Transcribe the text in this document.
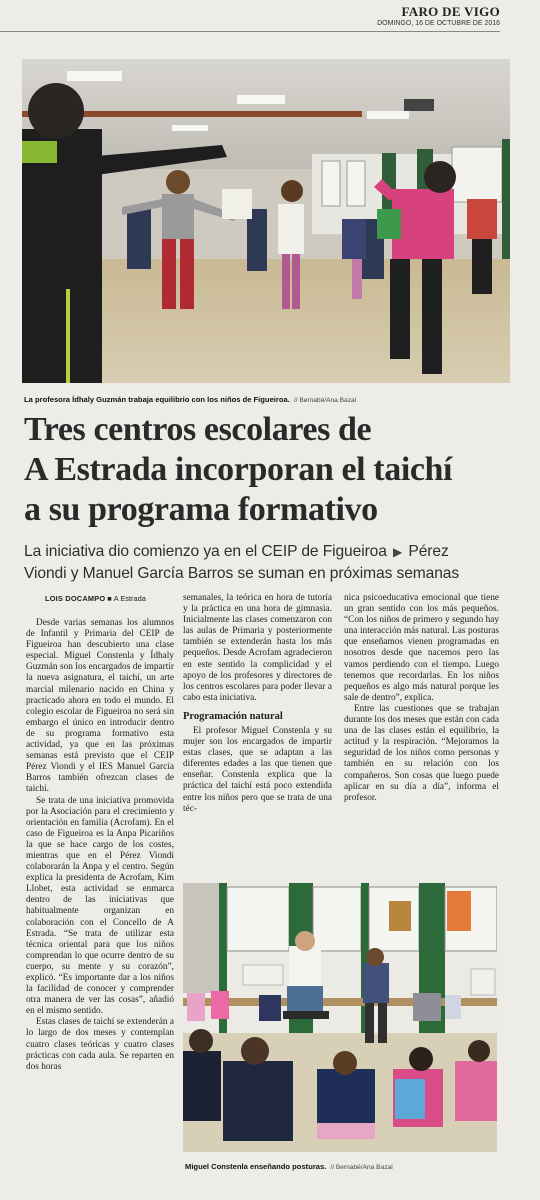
FARO DE VIGO
DOMINGO, 16 DE OCTUBRE DE 2016
La profesora Ídhaly Guzmán trabaja equilibrio con los niños de Figueiroa. // Bernabé/Ana Bazal
Tres centros escolares de
A Estrada incorporan el taichí
a su programa formativo
La iniciativa dio comienzo ya en el CEIP de Figueiroa ▶ Pérez
Viondi y Manuel García Barros se suman en próximas semanas
LOIS DOCAMPO ■ A Estrada

Desde varias semanas los alumnos de Infantil y Primaria del CEIP de Figueiroa han descubierto una clase especial. Miguel Constenla y Ídhaly Guzmán son los encargados de impartir la nueva asignatura, el taichí, un arte marcial milenario nacido en China y practicado ahora en todo el mundo. El colegio escolar de Figueiroa no será sin embargo el único en introducir dentro de su programa formativo esta actividad, ya que en las próximas semanas está previsto que el CEIP Pérez Viondi y el IES Manuel García Barros también ofrezcan clases de taichí.

Se trata de una iniciativa promovida por la Asociación para el crecimiento y orientación en familia (Acrofam). En el caso de Figueiroa es la Anpa Picariños la que se hace cargo de los costes, mientras que en el Pérez Viondi colaborarán la Anpa y el centro. Según explica la presidenta de Acrofam, Kim Llobet, esta actividad se enmarca dentro de las iniciativas que habitualmente organizan en colaboración con el Concello de A Estrada. “Se trata de utilizar esta técnica oriental para que los niños comprendan lo que ocurre dentro de su cuerpo, su mente y su corazón”, explicó. “Es importante dar a los niños la facilidad de conocer y comprender otra manera de ver las cosas”, añadió en el mismo sentido.

Estas clases de taichí se extenderán a lo largo de dos meses y contemplan cuatro clases teóricas y cuatro clases prácticas con cada aula. Se reparten en dos horas

semanales, la teórica en hora de tutoría y la práctica en una hora de gimnasia. Inicialmente las clases comenzaron con las aulas de Primaria y posteriormente también se extenderán hasta los más pequeños. Desde Acrofam agradecieron en este sentido la complicidad y el apoyo de los profesores y directores de los centros escolares para poder llevar a cabo esta iniciativa.

Programación natural

El profesor Miguel Constenla y su mujer son los encargados de impartir estas clases, que se adaptan a las diferentes edades a las que tienen que enseñar. Constenla explica que la práctica del taichí está poco extendida entre los niños pero que se trata de una téc-

nica psicoeducativa emocional que tiene un gran sentido con los más pequeños. “Con los niños de primero y segundo hay una interacción más natural. Las posturas que enseñamos vienen programadas en nosotros desde que nacemos pero las vamos perdiendo con el tiempo. Luego tenemos que recordarlas. En los niños pequeños es algo más natural porque les sale de dentro”, explica.

Entre las cuestiones que se trabajan durante los dos meses que están con cada una de las clases están el equilibrio, la actitud y la respiración. “Mejoramos la seguridad de los niños como personas y también en su relación con los compañeros. Son cosas que luego puede aplicar en su día a día”, informa el profesor.

Miguel Constenla enseñando posturas. // Bernabé/Ana Bazal
